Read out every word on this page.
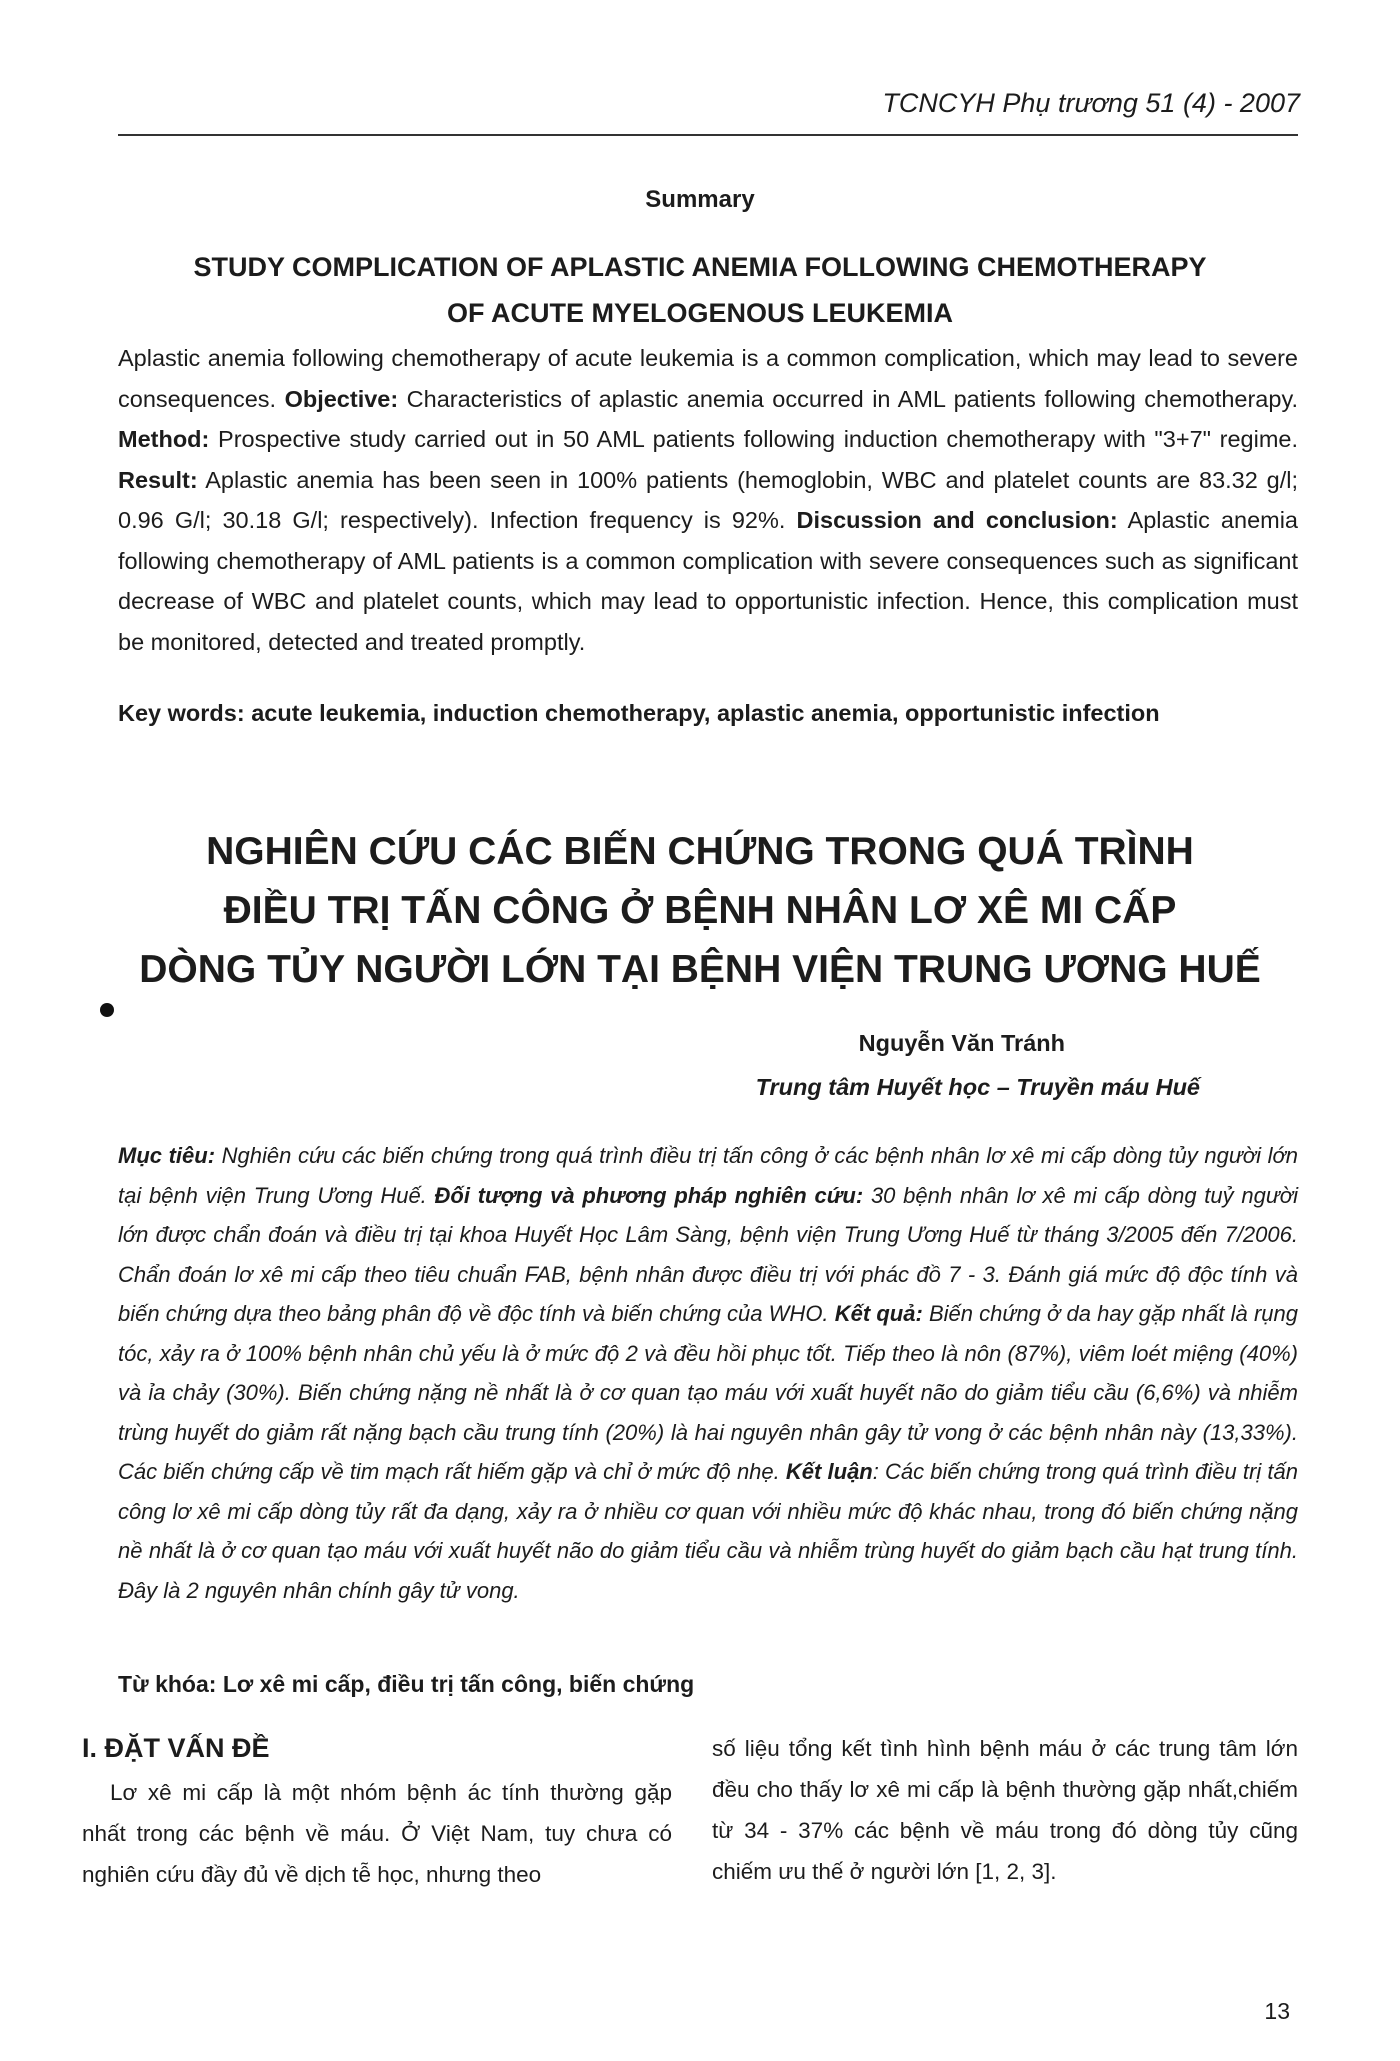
TCNCYH Phụ trương 51 (4) - 2007
Summary
STUDY COMPLICATION OF APLASTIC ANEMIA FOLLOWING CHEMOTHERAPY
OF ACUTE MYELOGENOUS LEUKEMIA

Aplastic anemia following chemotherapy of acute leukemia is a common complication, which may lead to severe consequences. Objective: Characteristics of aplastic anemia occurred in AML patients following chemotherapy. Method: Prospective study carried out in 50 AML patients following induction chemotherapy with "3+7" regime. Result: Aplastic anemia has been seen in 100% patients (hemoglobin, WBC and platelet counts are 83.32 g/l; 0.96 G/l; 30.18 G/l; respectively). Infection frequency is 92%. Discussion and conclusion: Aplastic anemia following chemotherapy of AML patients is a common complication with severe consequences such as significant decrease of WBC and platelet counts, which may lead to opportunistic infection. Hence, this complication must be monitored, detected and treated promptly.

Key words: acute leukemia, induction chemotherapy, aplastic anemia, opportunistic infection
NGHIÊN CỨU CÁC BIẾN CHỨNG TRONG QUÁ TRÌNH
ĐIỀU TRỊ TẤN CÔNG Ở BỆNH NHÂN LƠ XÊ MI CẤP
DÒNG TỦY NGƯỜI LỚN TẠI BỆNH VIỆN TRUNG ƯƠNG HUẾ
Nguyễn Văn Tránh
Trung tâm Huyết học – Truyền máu Huế

Mục tiêu: Nghiên cứu các biến chứng trong quá trình điều trị tấn công ở các bệnh nhân lơ xê mi cấp dòng tủy người lớn tại bệnh viện Trung Ương Huế. Đối tượng và phương pháp nghiên cứu: 30 bệnh nhân lơ xê mi cấp dòng tuỷ người lớn được chẩn đoán và điều trị tại khoa Huyết Học Lâm Sàng, bệnh viện Trung Ương Huế từ tháng 3/2005 đến 7/2006. Chẩn đoán lơ xê mi cấp theo tiêu chuẩn FAB, bệnh nhân được điều trị với phác đồ 7 - 3. Đánh giá mức độ độc tính và biến chứng dựa theo bảng phân độ về độc tính và biến chứng của WHO. Kết quả: Biến chứng ở da hay gặp nhất là rụng tóc, xảy ra ở 100% bệnh nhân chủ yếu là ở mức độ 2 và đều hồi phục tốt. Tiếp theo là nôn (87%), viêm loét miệng (40%) và ỉa chảy (30%). Biến chứng nặng nề nhất là ở cơ quan tạo máu với xuất huyết não do giảm tiểu cầu (6,6%) và nhiễm trùng huyết do giảm rất nặng bạch cầu trung tính (20%) là hai nguyên nhân gây tử vong ở các bệnh nhân này (13,33%). Các biến chứng cấp về tim mạch rất hiếm gặp và chỉ ở mức độ nhẹ. Kết luận: Các biến chứng trong quá trình điều trị tấn công lơ xê mi cấp dòng tủy rất đa dạng, xảy ra ở nhiều cơ quan với nhiều mức độ khác nhau, trong đó biến chứng nặng nề nhất là ở cơ quan tạo máu với xuất huyết não do giảm tiểu cầu và nhiễm trùng huyết do giảm bạch cầu hạt trung tính. Đây là 2 nguyên nhân chính gây tử vong.

Từ khóa: Lơ xê mi cấp, điều trị tấn công, biến chứng
I. ĐẶT VẤN ĐỀ

Lơ xê mi cấp là một nhóm bệnh ác tính thường gặp nhất trong các bệnh về máu. Ở Việt Nam, tuy chưa có nghiên cứu đầy đủ về dịch tễ học, nhưng theo

số liệu tổng kết tình hình bệnh máu ở các trung tâm lớn đều cho thấy lơ xê mi cấp là bệnh thường gặp nhất,chiếm từ 34 - 37% các bệnh về máu trong đó dòng tủy cũng chiếm ưu thế ở người lớn [1, 2, 3].

13
